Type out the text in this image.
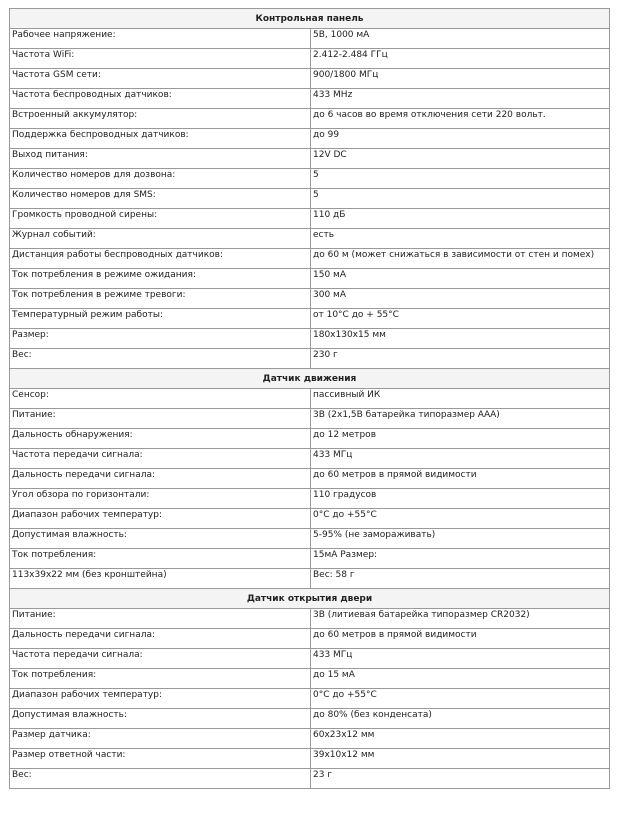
Контрольная панель	
Рабочее напряжение:	5В, 1000 мА
Частота WiFi:	2.412-2.484 ГГц
Частота GSM сети:	900/1800 МГц
Частота беспроводных датчиков:	433 MHz
Встроенный аккумулятор:	до 6 часов во время отключения сети 220 вольт.
Поддержка беспроводных датчиков:	до 99
Выход питания:	12V DC
Количество номеров для дозвона:	5
Количество номеров для SMS:	5
Громкость проводной сирены:	110 дБ
Журнал событий:	есть
Дистанция работы беспроводных датчиков:	до 60 м (может снижаться в зависимости от стен и помех)
Ток потребления в режиме ожидания:	150 мА
Ток потребления в режиме тревоги:	300 мА
Температурный режим работы:	от 10°С до + 55°С
Размер:	180х130х15 мм
Вес:	230 г
Датчик движения	
Сенсор:	пассивный ИК
Питание:	3В (2х1,5В батарейка типоразмер ААА)
Дальность обнаружения:	до 12 метров
Частота передачи сигнала:	433 МГц
Дальность передачи сигнала:	до 60 метров в прямой видимости
Угол обзора по горизонтали:	110 градусов
Диапазон рабочих температур:	0°С до +55°С
Допустимая влажность:	5-95% (не замораживать)
Ток потребления:	15мА Размер:
113х39х22 мм (без кронштейна)	Вес: 58 г
Датчик открытия двери	
Питание:	3В (литиевая батарейка типоразмер CR2032)
Дальность передачи сигнала:	до 60 метров в прямой видимости
Частота передачи сигнала:	433 МГц
Ток потребления:	до 15 мА
Диапазон рабочих температур:	0°С до +55°С
Допустимая влажность:	до 80% (без конденсата)
Размер датчика:	60х23х12 мм
Размер ответной части:	39х10х12 мм
Вес:	23 г
